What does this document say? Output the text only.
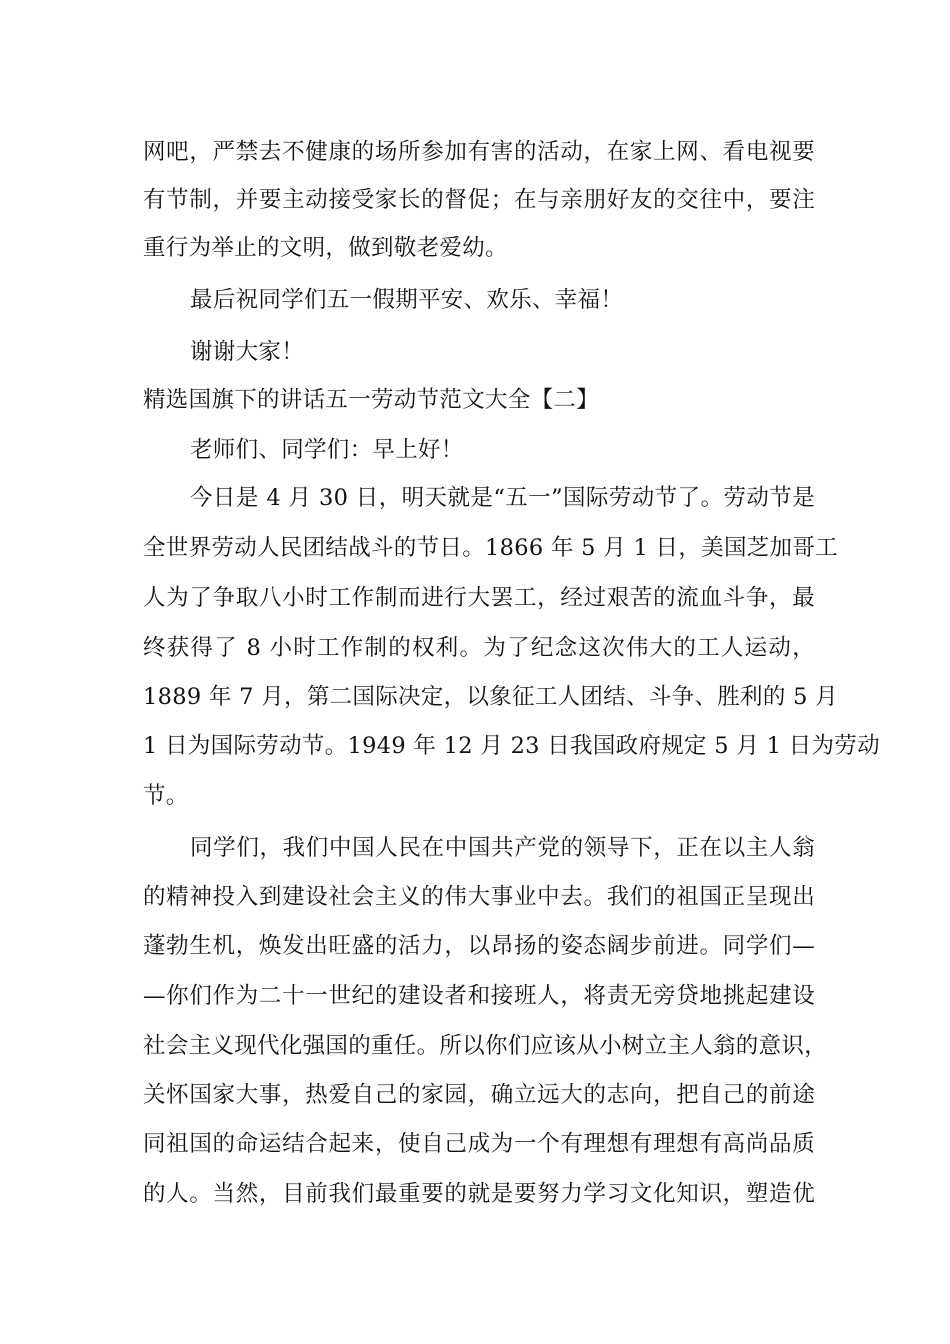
网吧，严禁去不健康的场所参加有害的活动，在家上网、看电视要
有节制，并要主动接受家长的督促；在与亲朋好友的交往中，要注
重行为举止的文明，做到敬老爱幼。
最后祝同学们五一假期平安、欢乐、幸福！
谢谢大家！
精选国旗下的讲话五一劳动节范文大全【二】
老师们、同学们：早上好！
今日是 4 月 30 日，明天就是“五一”国际劳动节了。劳动节是
全世界劳动人民团结战斗的节日。1866 年 5 月 1 日，美国芝加哥工
人为了争取八小时工作制而进行大罢工，经过艰苦的流血斗争，最
终获得了 8 小时工作制的权利。为了纪念这次伟大的工人运动，
1889 年 7 月，第二国际决定，以象征工人团结、斗争、胜利的 5 月
1 日为国际劳动节。1949 年 12 月 23 日我国政府规定 5 月 1 日为劳动
节。
同学们，我们中国人民在中国共产党的领导下，正在以主人翁
的精神投入到建设社会主义的伟大事业中去。我们的祖国正呈现出
蓬勃生机，焕发出旺盛的活力，以昂扬的姿态阔步前进。同学们—
—你们作为二十一世纪的建设者和接班人，将责无旁贷地挑起建设
社会主义现代化强国的重任。所以你们应该从小树立主人翁的意识，
关怀国家大事，热爱自己的家园，确立远大的志向，把自己的前途
同祖国的命运结合起来，使自己成为一个有理想有理想有高尚品质
的人。当然，目前我们最重要的就是要努力学习文化知识，塑造优
